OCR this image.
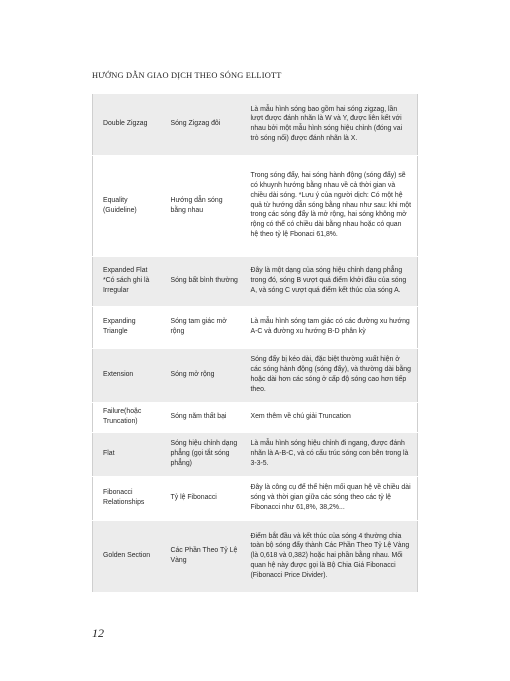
HƯỚNG DẪN GIAO DỊCH THEO SÓNG ELLIOTT
Double Zigzag	Sóng Zigzag đôi	Là mẫu hình sóng bao gồm hai sóng zigzag, lần lượt được đánh nhãn là W và Y, được liên kết với nhau bởi một mẫu hình sóng hiệu chỉnh (đóng vai trò sóng nối) được đánh nhãn là X.
Equality (Guideline)	Hướng dẫn sóng bằng nhau	Trong sóng đẩy, hai sóng hành động (sóng đẩy) sẽ có khuynh hướng bằng nhau về cả thời gian và chiều dài sóng. *Lưu ý của người dịch: Có một hệ quả từ hướng dẫn sóng bằng nhau như sau: khi một trong các sóng đẩy là mở rộng, hai sóng không mở rộng có thể có chiều dài bằng nhau hoặc có quan hệ theo tỷ lệ Fbonaci 61,8%.
Expanded Flat *Có sách ghi là Irregular	Sóng bất bình thường	Đây là một dạng của sóng hiệu chỉnh dạng phẳng trong đó, sóng B vượt quá điểm khởi đầu của sóng A, và sóng C vượt quá điểm kết thúc của sóng A.
Expanding Triangle	Sóng tam giác mở rộng	Là mẫu hình sóng tam giác có các đường xu hướng A-C và đường xu hướng B-D phân kỳ
Extension	Sóng mở rộng	Sóng đẩy bị kéo dài, đặc biệt thường xuất hiện ở các sóng hành động (sóng đẩy), và thường dài bằng hoặc dài hơn các sóng ở cấp độ sóng cao hơn tiếp theo.
Failure(hoặc Truncation)	Sóng năm thất bại	Xem thêm về chú giải Truncation
Flat	Sóng hiệu chỉnh dạng phẳng (gọi tắt sóng phẳng)	Là mẫu hình sóng hiệu chỉnh đi ngang, được đánh nhãn là A-B-C, và có cấu trúc sóng con bên trong là 3-3-5.
Fibonacci Relationships	Tỷ lệ Fibonacci	Đây là công cụ để thể hiện mối quan hệ về chiều dài sóng và thời gian giữa các sóng theo các tỷ lệ Fibonacci như 61,8%, 38,2%...
Golden Section	Các Phần Theo Tỷ Lệ Vàng	Điểm bắt đầu và kết thúc của sóng 4 thường chia toàn bộ sóng đẩy thành Các Phần Theo Tỷ Lệ Vàng (là 0,618 và 0,382) hoặc hai phần bằng nhau. Mối quan hệ này được gọi là Bộ Chia Giá Fibonacci (Fibonacci Price Divider).
12
